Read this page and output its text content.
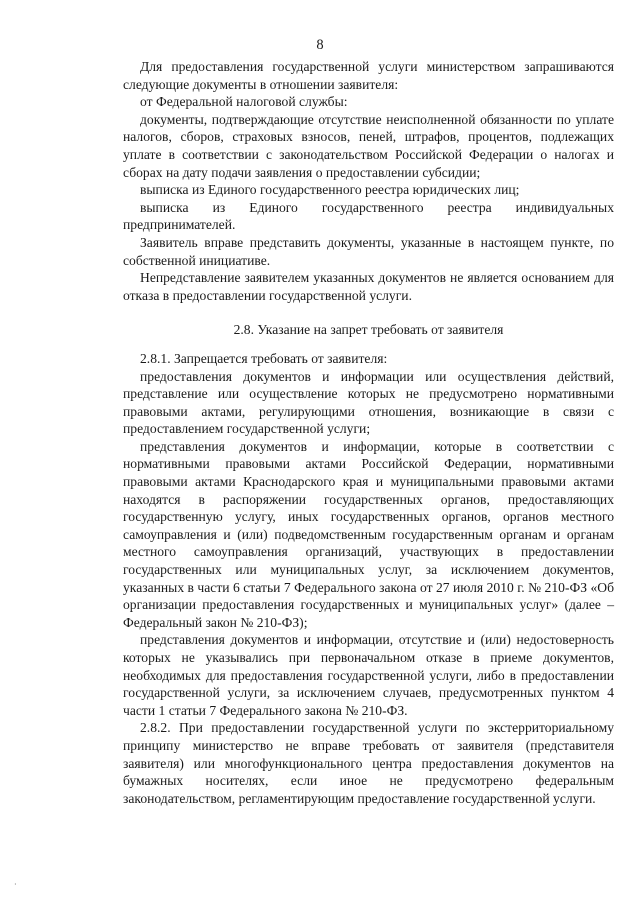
8

Для предоставления государственной услуги министерством запрашиваются следующие документы в отношении заявителя:

от Федеральной налоговой службы:

документы, подтверждающие отсутствие неисполненной обязанности по уплате налогов, сборов, страховых взносов, пеней, штрафов, процентов, подлежащих уплате в соответствии с законодательством Российской Федерации о налогах и сборах на дату подачи заявления о предоставлении субсидии;

выписка из Единого государственного реестра юридических лиц;

выписка из Единого государственного реестра индивидуальных предпринимателей.

Заявитель вправе представить документы, указанные в настоящем пункте, по собственной инициативе.

Непредставление заявителем указанных документов не является основанием для отказа в предоставлении государственной услуги.

2.8. Указание на запрет требовать от заявителя

2.8.1. Запрещается требовать от заявителя:

предоставления документов и информации или осуществления действий, представление или осуществление которых не предусмотрено нормативными правовыми актами, регулирующими отношения, возникающие в связи с предоставлением государственной услуги;

представления документов и информации, которые в соответствии с нормативными правовыми актами Российской Федерации, нормативными правовыми актами Краснодарского края и муниципальными правовыми актами находятся в распоряжении государственных органов, предоставляющих государственную услугу, иных государственных органов, органов местного самоуправления и (или) подведомственным государственным органам и органам местного самоуправления организаций, участвующих в предоставлении государственных или муниципальных услуг, за исключением документов, указанных в части 6 статьи 7 Федерального закона от 27 июля 2010 г. № 210-ФЗ «Об организации предоставления государственных и муниципальных услуг» (далее – Федеральный закон № 210-ФЗ);

представления документов и информации, отсутствие и (или) недостоверность которых не указывались при первоначальном отказе в приеме документов, необходимых для предоставления государственной услуги, либо в предоставлении государственной услуги, за исключением случаев, предусмотренных пунктом 4 части 1 статьи 7 Федерального закона № 210-ФЗ.

2.8.2. При предоставлении государственной услуги по экстерриториальному принципу министерство не вправе требовать от заявителя (представителя заявителя) или многофункционального центра предоставления документов на бумажных носителях, если иное не предусмотрено федеральным законодательством, регламентирующим предоставление государственной услуги.

·
